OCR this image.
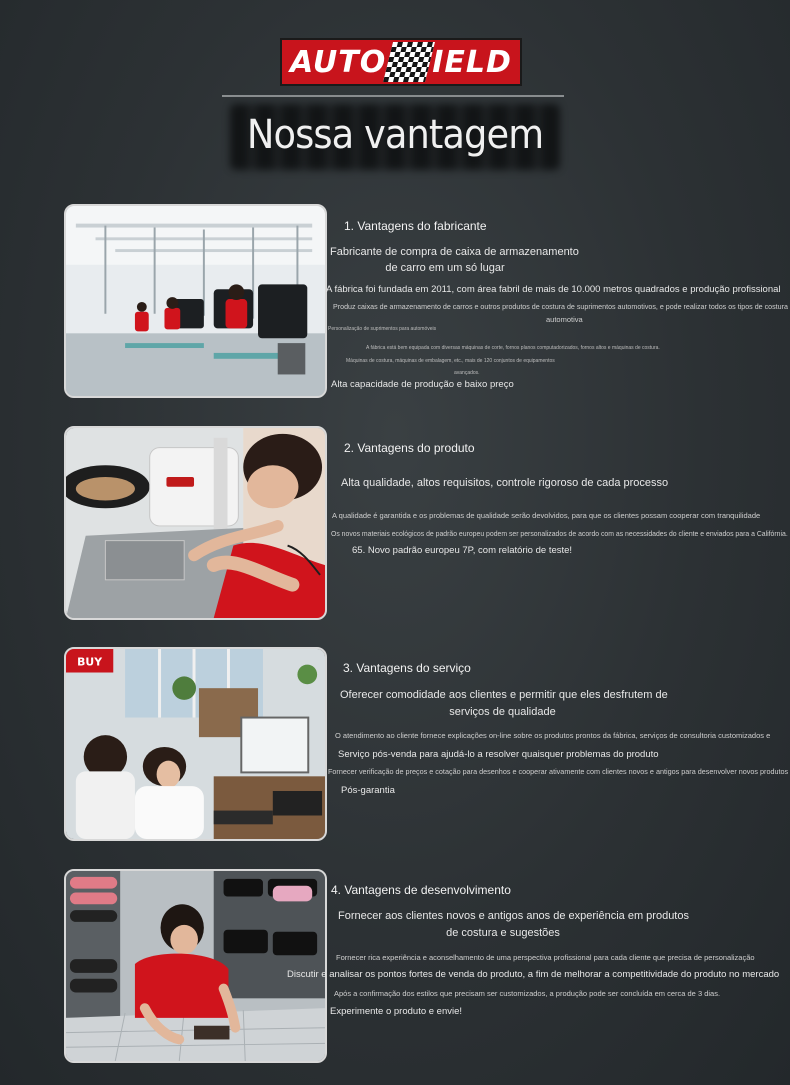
AUTO IELD
Nossa vantagem
1. Vantagens do fabricante
Fabricante de compra de caixa de armazenamento
de carro em um só lugar
A fábrica foi fundada em 2011, com área fabril de mais de 10.000 metros quadrados e produção profissional
Produz caixas de armazenamento de carros e outros produtos de costura de suprimentos automotivos, e pode realizar todos os tipos de costura
automotiva
Personalização de suprimentos para automóveis
A fábrica está bem equipada com diversas máquinas de corte, fornos planos computadorizados, fornos altos e máquinas de costura.
Máquinas de costura, máquinas de embalagem, etc., mais de 120 conjuntos de equipamentos
avançados.
Alta capacidade de produção e baixo preço
2. Vantagens do produto
Alta qualidade, altos requisitos, controle rigoroso de cada processo
A qualidade é garantida e os problemas de qualidade serão devolvidos, para que os clientes possam cooperar com tranquilidade
Os novos materiais ecológicos de padrão europeu podem ser personalizados de acordo com as necessidades do cliente e enviados para a Califórnia.
65. Novo padrão europeu 7P, com relatório de teste!
BUY	3. Vantagens do serviço
Oferecer comodidade aos clientes e permitir que eles desfrutem de
serviços de qualidade
O atendimento ao cliente fornece explicações on-line sobre os produtos prontos da fábrica, serviços de consultoria customizados e
Serviço pós-venda para ajudá-lo a resolver quaisquer problemas do produto
Fornecer verificação de preços e cotação para desenhos e cooperar ativamente com clientes novos e antigos para desenvolver novos produtos
Pós-garantia
4. Vantagens de desenvolvimento
Fornecer aos clientes novos e antigos anos de experiência em produtos
de costura e sugestões
Fornecer rica experiência e aconselhamento de uma perspectiva profissional para cada cliente que precisa de personalização
Discutir e analisar os pontos fortes de venda do produto, a fim de melhorar a competitividade do produto no mercado
Após a confirmação dos estilos que precisam ser customizados, a produção pode ser concluída em cerca de 3 dias.
Experimente o produto e envie!
